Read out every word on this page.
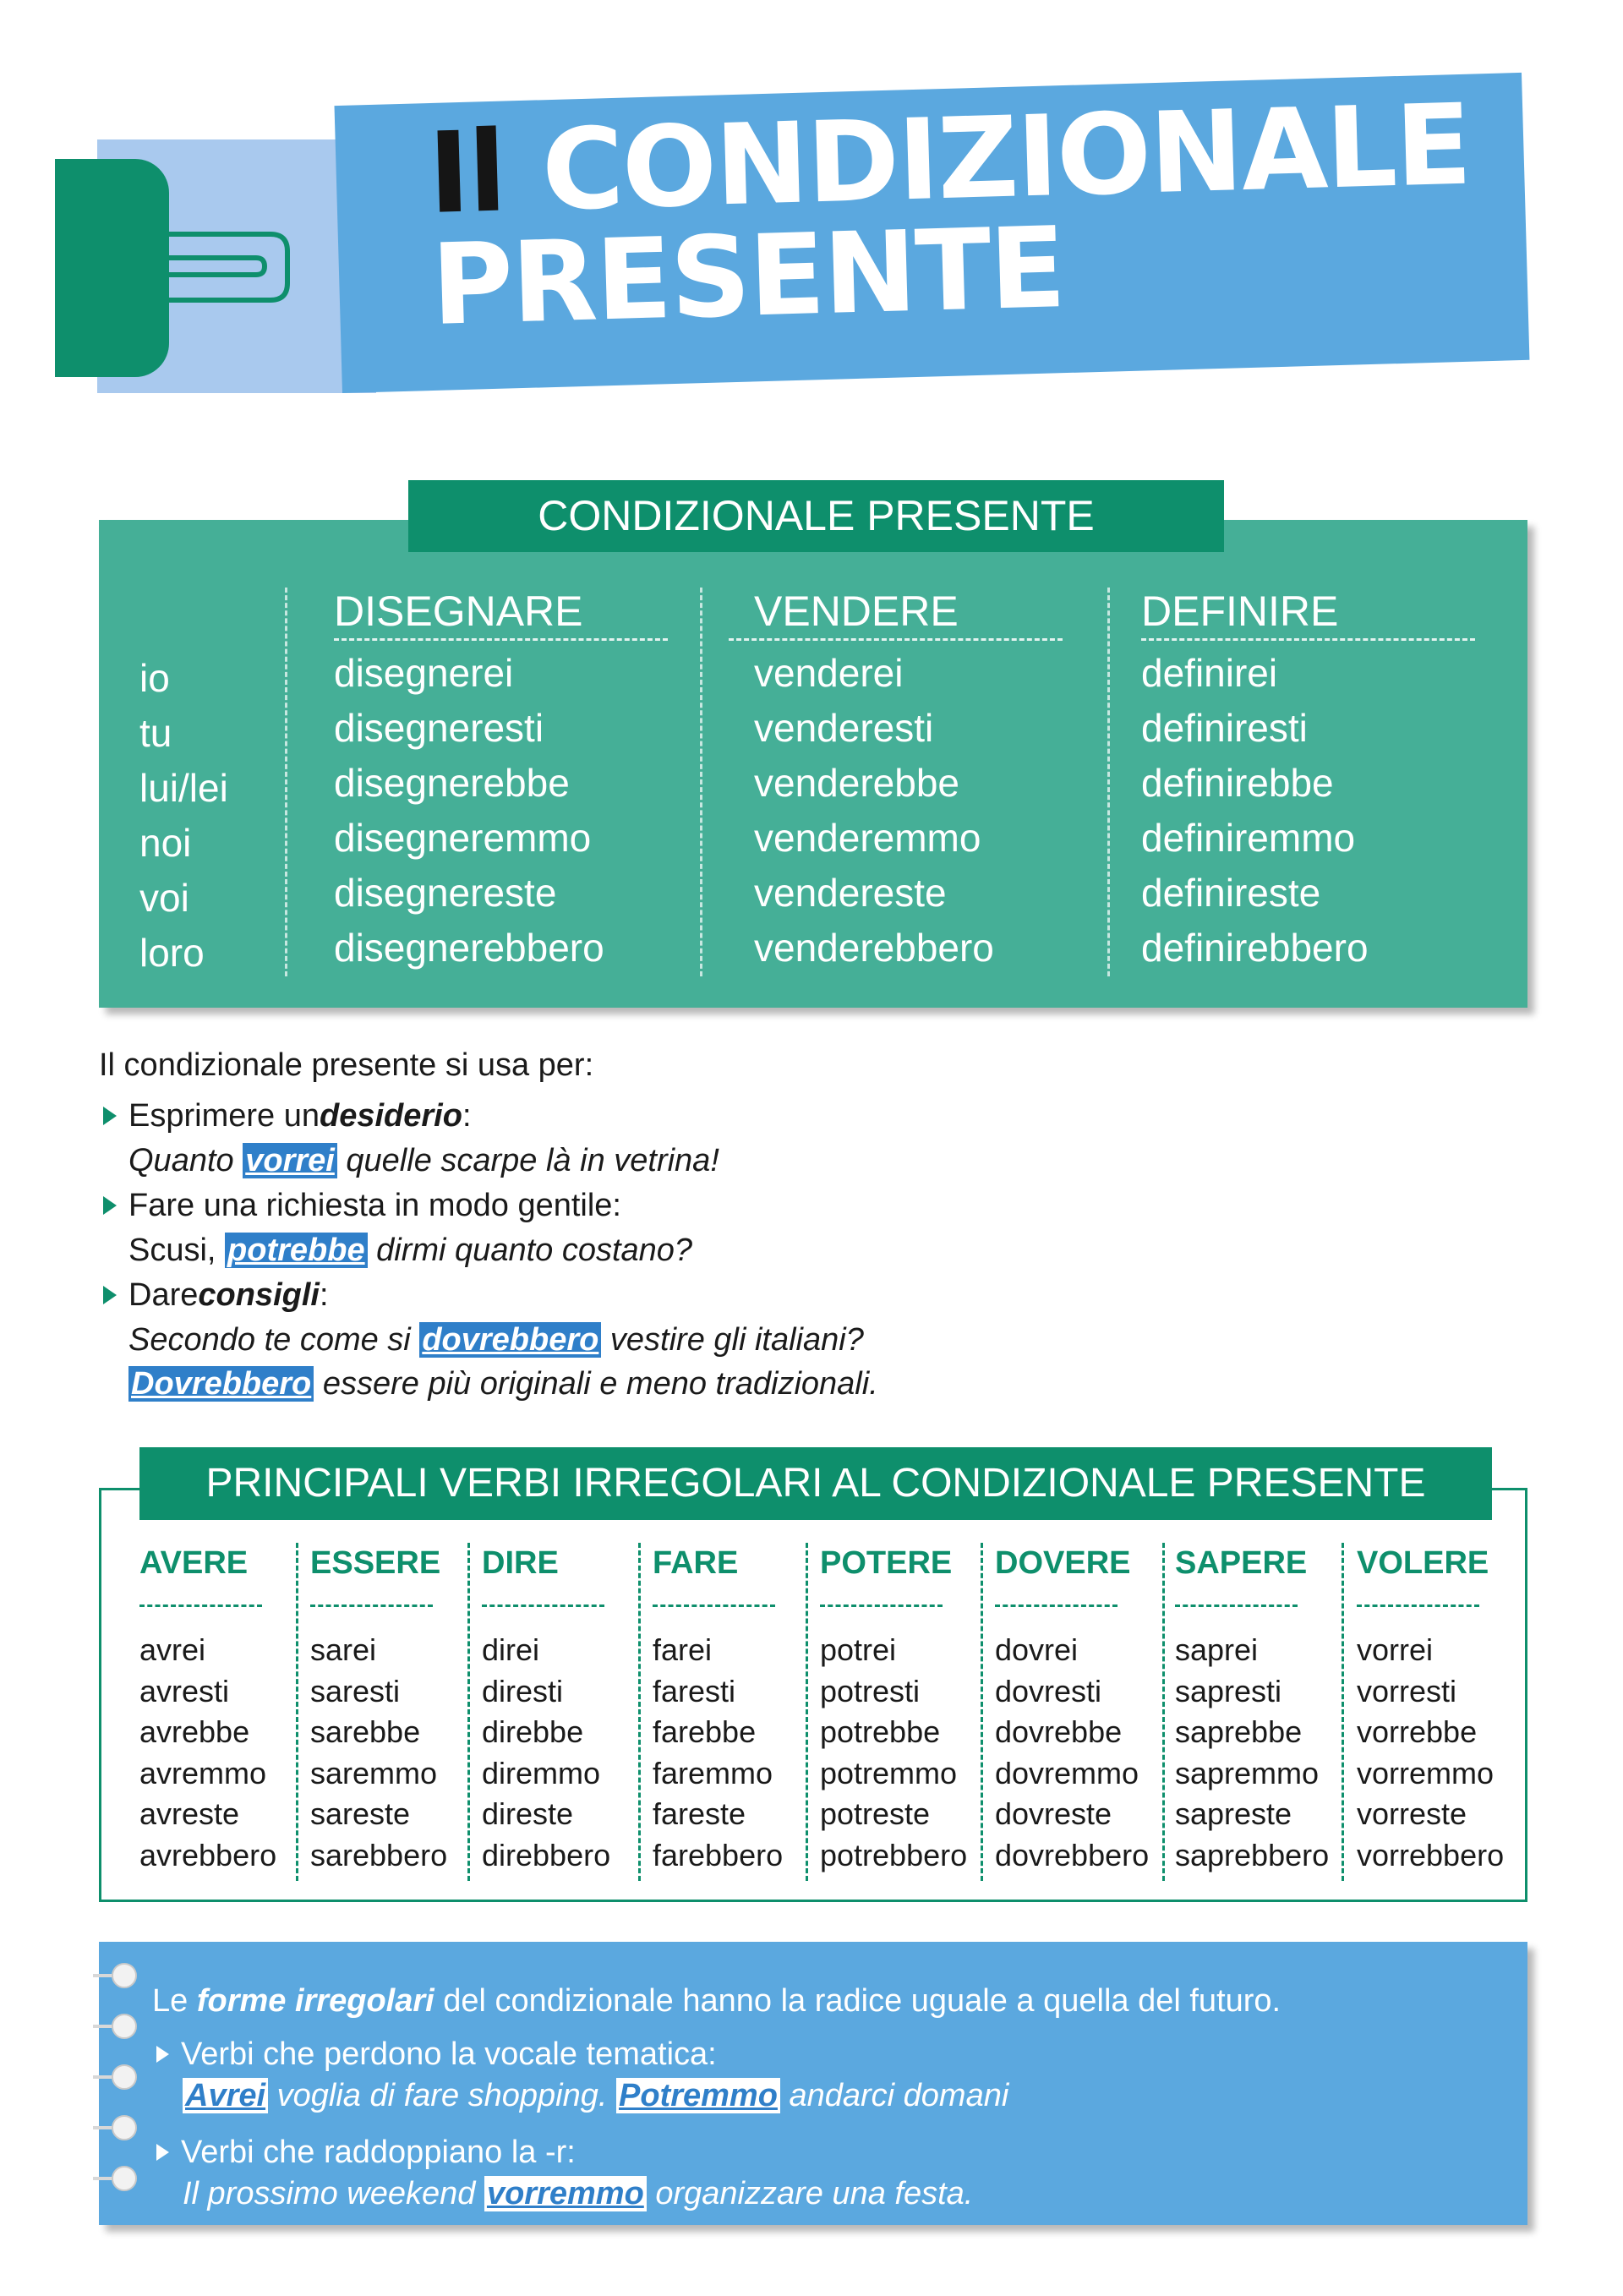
Il CONDIZIONALE
PRESENTE
CONDIZIONALE PRESENTE
io
tu
lui/lei
noi
voi
loro
DISEGNARE
disegnerei
disegneresti
disegnerebbe
disegneremmo
disegnereste
disegnerebbero
VENDERE
venderei
venderesti
venderebbe
venderemmo
vendereste
venderebbero
DEFINIRE
definirei
definiresti
definirebbe
definiremmo
definireste
definirebbero
Il condizionale presente si usa per:
Esprimere un desiderio :
Quanto vorrei quelle scarpe là in vetrina!
Fare una richiesta in modo gentile:
Scusi, potrebbe dirmi quanto costano?
Dare consigli :
Secondo te come si dovrebbero vestire gli italiani?
Dovrebbero essere più originali e meno tradizionali.
PRINCIPALI VERBI IRREGOLARI AL CONDIZIONALE PRESENTE
AVERE
avrei
avresti
avrebbe
avremmo
avreste
avrebbero
ESSERE
sarei
saresti
sarebbe
saremmo
sareste
sarebbero
DIRE
direi
diresti
direbbe
diremmo
direste
direbbero
FARE
farei
faresti
farebbe
faremmo
fareste
farebbero
POTERE
potrei
potresti
potrebbe
potremmo
potreste
potrebbero
DOVERE
dovrei
dovresti
dovrebbe
dovremmo
dovreste
dovrebbero
SAPERE
saprei
sapresti
saprebbe
sapremmo
sapreste
saprebbero
VOLERE
vorrei
vorresti
vorrebbe
vorremmo
vorreste
vorrebbero
Le forme irregolari del condizionale hanno la radice uguale a quella del futuro.
Verbi che perdono la vocale tematica:
Avrei voglia di fare shopping. Potremmo andarci domani
Verbi che raddoppiano la -r:
Il prossimo weekend vorremmo organizzare una festa.
